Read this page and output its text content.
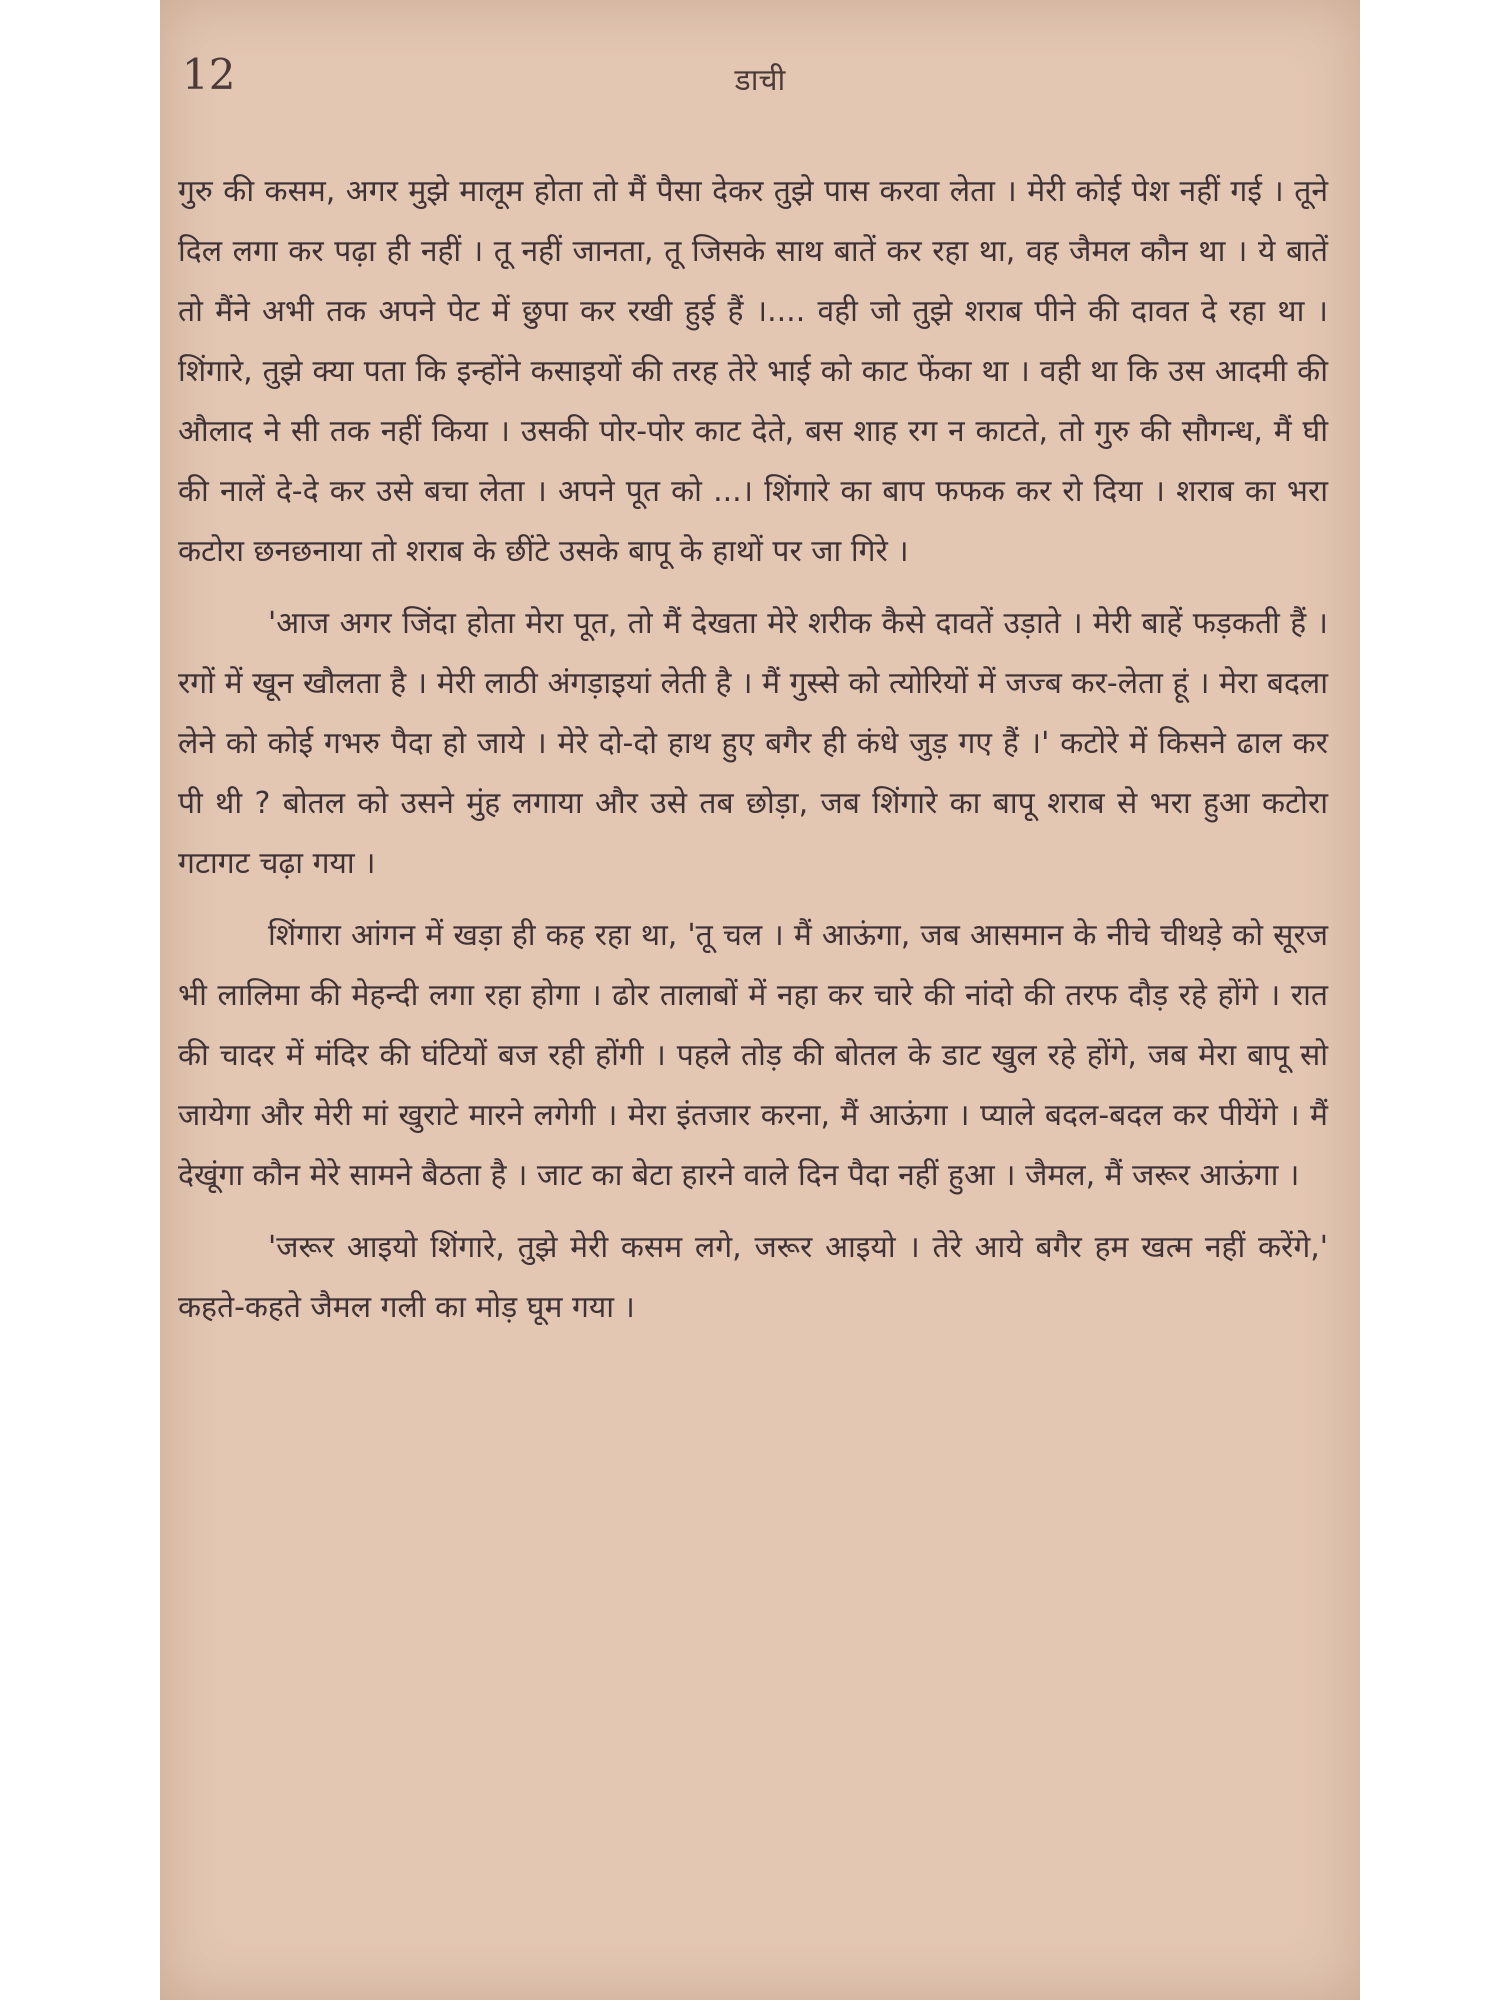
12	डाची

गुरु की कसम, अगर मुझे मालूम होता तो मैं पैसा देकर तुझे पास करवा लेता । मेरी कोई पेश नहीं गई । तूने दिल लगा कर पढ़ा ही नहीं । तू नहीं जानता, तू जिसके साथ बातें कर रहा था, वह जैमल कौन था । ये बातें तो मैंने अभी तक अपने पेट में छुपा कर रखी हुई हैं ।.... वही जो तुझे शराब पीने की दावत दे रहा था । शिंगारे, तुझे क्या पता कि इन्होंने कसाइयों की तरह तेरे भाई को काट फेंका था । वही था कि उस आदमी की औलाद ने सी तक नहीं किया । उसकी पोर-पोर काट देते, बस शाह रग न काटते, तो गुरु की सौगन्ध, मैं घी की नालें दे-दे कर उसे बचा लेता । अपने पूत को ...। शिंगारे का बाप फफक कर रो दिया । शराब का भरा कटोरा छनछनाया तो शराब के छींटे उसके बापू के हाथों पर जा गिरे ।

'आज अगर जिंदा होता मेरा पूत, तो मैं देखता मेरे शरीक कैसे दावतें उड़ाते । मेरी बाहें फड़कती हैं । रगों में खून खौलता है । मेरी लाठी अंगड़ाइयां लेती है । मैं गुस्से को त्योरियों में जज्ब कर-लेता हूं । मेरा बदला लेने को कोई गभरु पैदा हो जाये । मेरे दो-दो हाथ हुए बगैर ही कंधे जुड़ गए हैं ।' कटोरे में किसने ढाल कर पी थी ? बोतल को उसने मुंह लगाया और उसे तब छोड़ा, जब शिंगारे का बापू शराब से भरा हुआ कटोरा गटागट चढ़ा गया ।

शिंगारा आंगन में खड़ा ही कह रहा था, 'तू चल । मैं आऊंगा, जब आसमान के नीचे चीथड़े को सूरज भी लालिमा की मेहन्दी लगा रहा होगा । ढोर तालाबों में नहा कर चारे की नांदो की तरफ दौड़ रहे होंगे । रात की चादर में मंदिर की घंटियों बज रही होंगी । पहले तोड़ की बोतल के डाट खुल रहे होंगे, जब मेरा बापू सो जायेगा और मेरी मां खुराटे मारने लगेगी । मेरा इंतजार करना, मैं आऊंगा । प्याले बदल-बदल कर पीयेंगे । मैं देखूंगा कौन मेरे सामने बैठता है । जाट का बेटा हारने वाले दिन पैदा नहीं हुआ । जैमल, मैं जरूर आऊंगा ।

'जरूर आइयो शिंगारे, तुझे मेरी कसम लगे, जरूर आइयो । तेरे आये बगैर हम खत्म नहीं करेंगे,' कहते-कहते जैमल गली का मोड़ घूम गया ।
